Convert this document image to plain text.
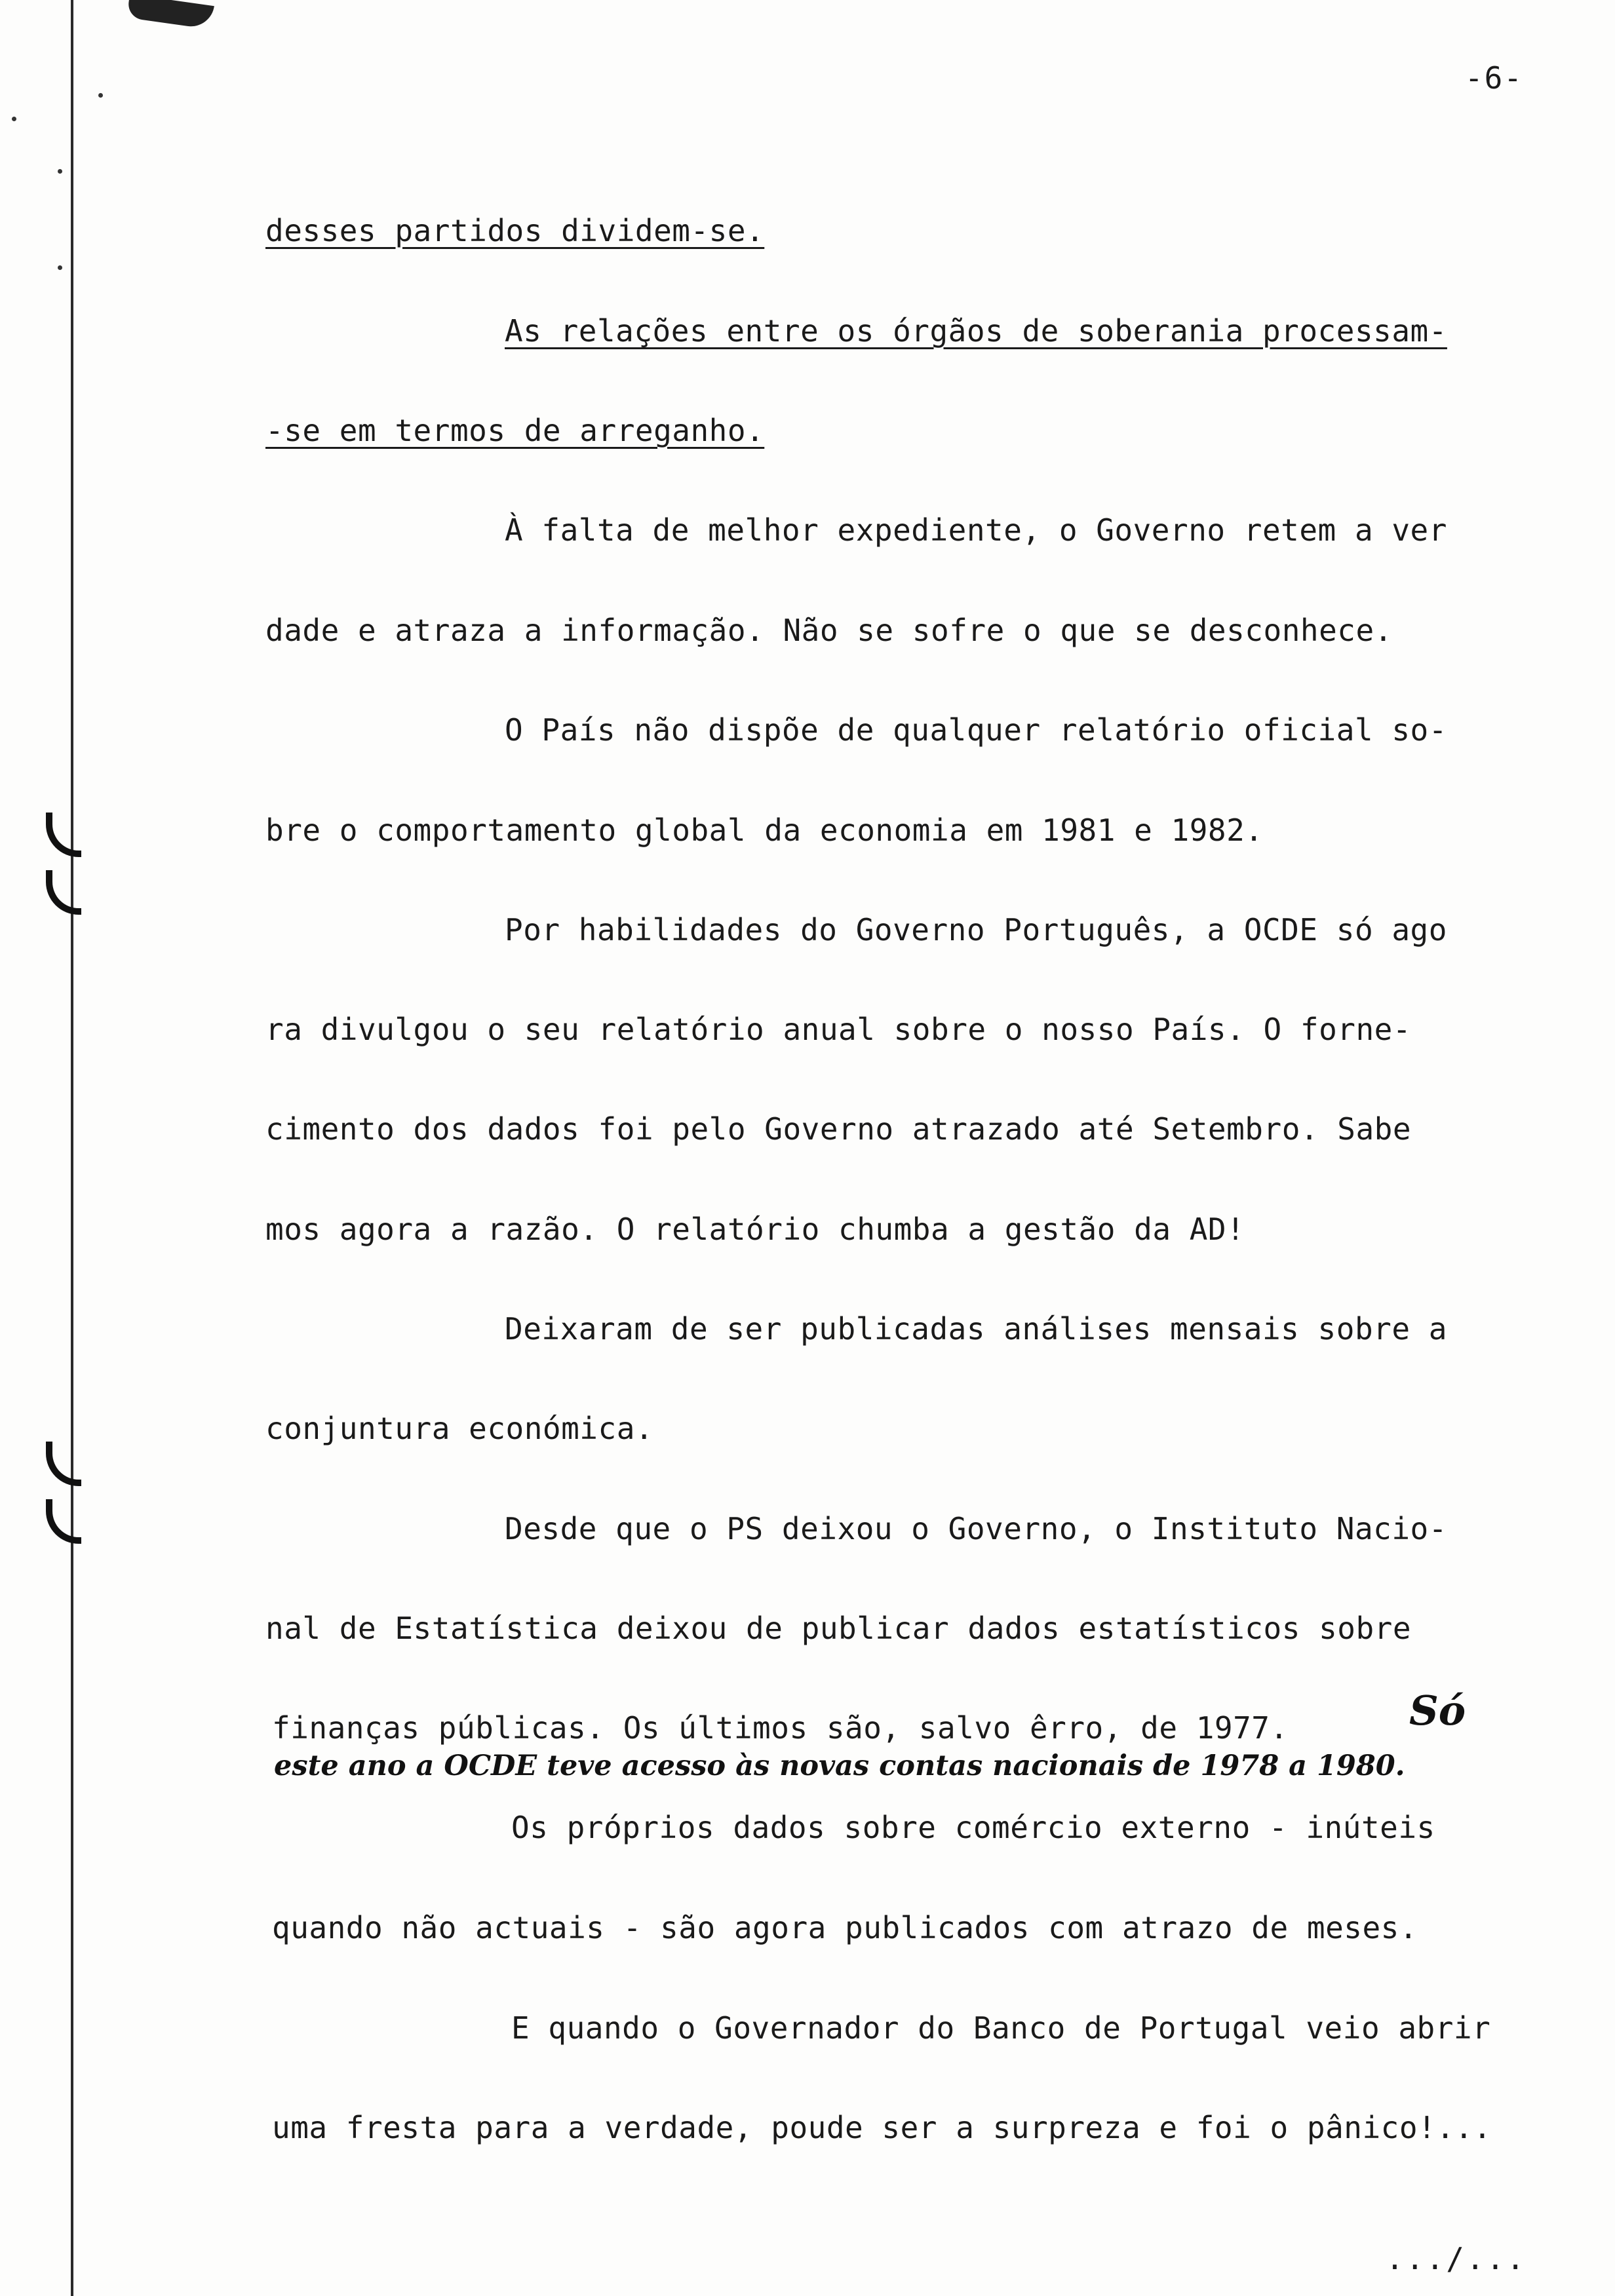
-6-
desses partidos dividem-se.
As relações entre os órgãos de soberania processam-
-se em termos de arreganho.
À falta de melhor expediente, o Governo retem a ver
dade e atraza a informação. Não se sofre o que se desconhece.
O País não dispõe de qualquer relatório oficial so-
bre o comportamento global da economia em 1981 e 1982.
Por habilidades do Governo Português, a OCDE só ago
ra divulgou o seu relatório anual sobre o nosso País. O forne-
cimento dos dados foi pelo Governo atrazado até Setembro. Sabe
mos agora a razão. O relatório chumba a gestão da AD!
Deixaram de ser publicadas análises mensais sobre a
conjuntura económica.
Desde que o PS deixou o Governo, o Instituto Nacio-
nal de Estatística deixou de publicar dados estatísticos sobre
finanças públicas. Os últimos são, salvo êrro, de 1977.	Só
este ano a OCDE teve acesso às novas contas nacionais de 1978 a 1980.
Os próprios dados sobre comércio externo - inúteis
quando não actuais - são agora publicados com atrazo de meses.
E quando o Governador do Banco de Portugal veio abrir
uma fresta para a verdade, poude ser a surpreza e foi o pânico!...
.../...
